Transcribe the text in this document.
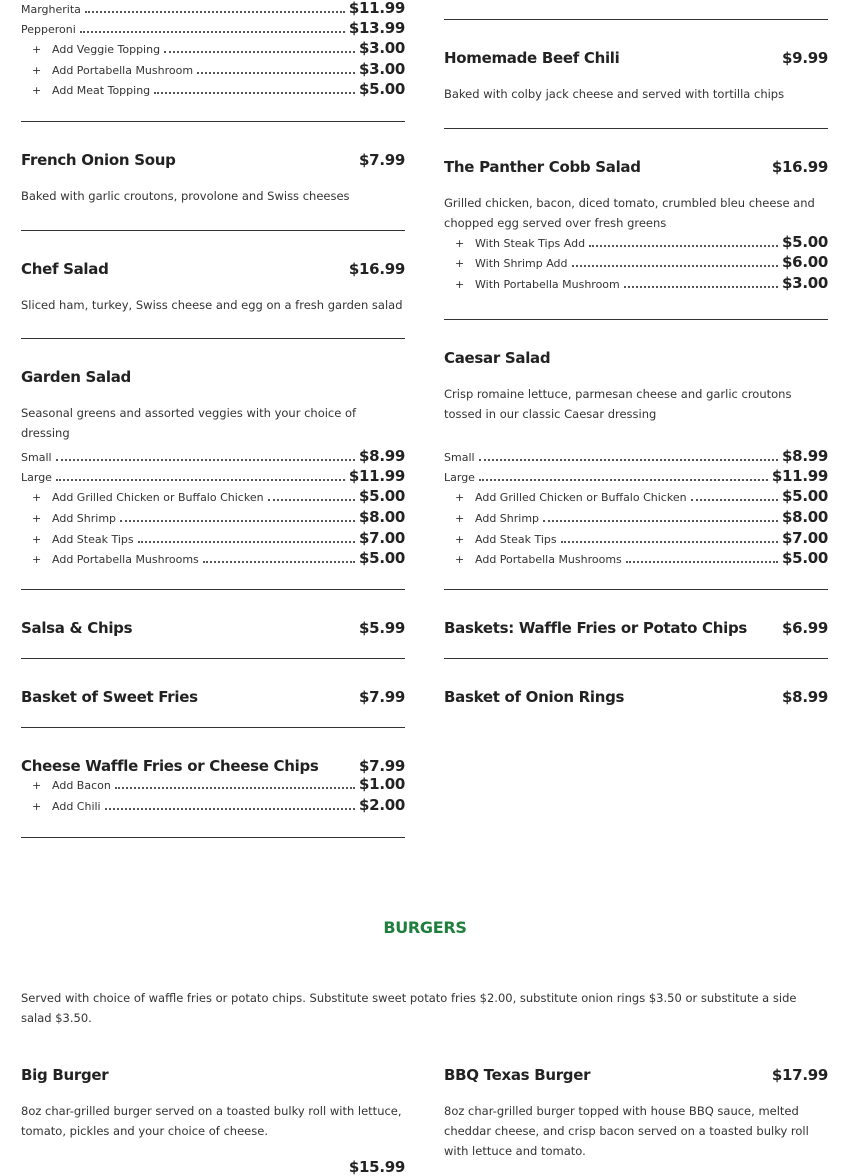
Margherita	$11.99
Pepperoni	$13.99
+ Add Veggie Topping	$3.00
+ Add Portabella Mushroom	$3.00
+ Add Meat Topping	$5.00
French Onion Soup	$7.99
Baked with garlic croutons, provolone and Swiss cheeses
Chef Salad	$16.99
Sliced ham, turkey, Swiss cheese and egg on a fresh garden salad
Garden Salad
Seasonal greens and assorted veggies with your choice of dressing
Small	$8.99
Large	$11.99
+ Add Grilled Chicken or Buffalo Chicken	$5.00
+ Add Shrimp	$8.00
+ Add Steak Tips	$7.00
+ Add Portabella Mushrooms	$5.00
Salsa & Chips	$5.99
Basket of Sweet Fries	$7.99
Cheese Waffle Fries or Cheese Chips	$7.99
+ Add Bacon	$1.00
+ Add Chili	$2.00
Big Burger
8oz char-grilled burger served on a toasted bulky roll with lettuce, tomato, pickles and your choice of cheese.
$15.99
Homemade Beef Chili	$9.99
Baked with colby jack cheese and served with tortilla chips
The Panther Cobb Salad	$16.99
Grilled chicken, bacon, diced tomato, crumbled bleu cheese and chopped egg served over fresh greens
+ With Steak Tips Add	$5.00
+ With Shrimp Add	$6.00
+ With Portabella Mushroom	$3.00
Caesar Salad
Crisp romaine lettuce, parmesan cheese and garlic croutons tossed in our classic Caesar dressing
Small	$8.99
Large	$11.99
+ Add Grilled Chicken or Buffalo Chicken	$5.00
+ Add Shrimp	$8.00
+ Add Steak Tips	$7.00
+ Add Portabella Mushrooms	$5.00
Baskets: Waffle Fries or Potato Chips $6.99
Basket of Onion Rings	$8.99
BBQ Texas Burger	$17.99
8oz char-grilled burger topped with house BBQ sauce, melted cheddar cheese, and crisp bacon served on a toasted bulky roll with lettuce and tomato.
BURGERS
Served with choice of waffle fries or potato chips. Substitute sweet potato fries $2.00, substitute onion rings $3.50 or substitute a side salad $3.50.
